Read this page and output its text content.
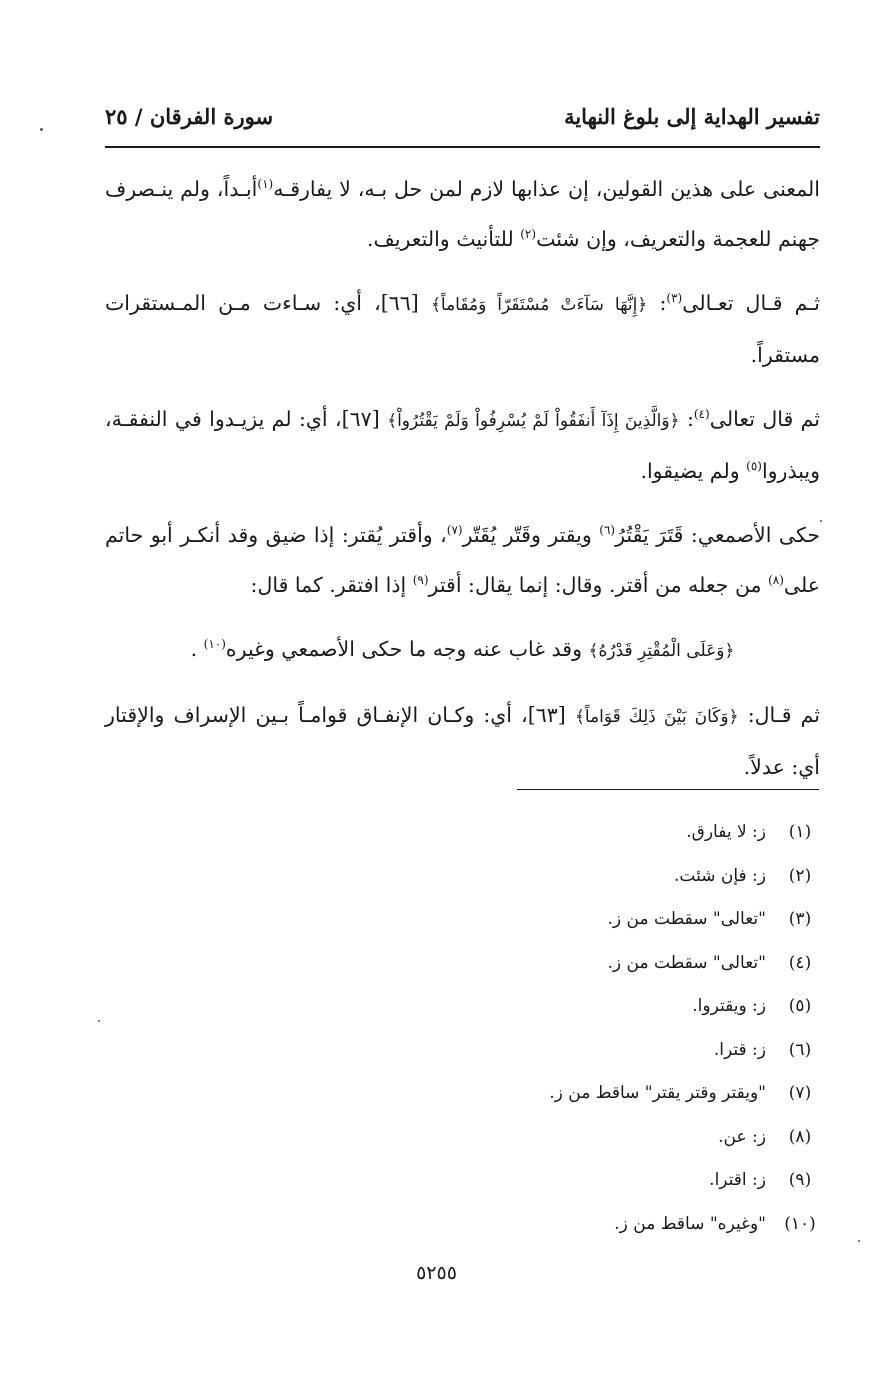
تفسير الهداية إلى بلوغ النهاية
سورة الفرقان / ٢٥

المعنى على هذين القولين، إن عذابها لازم لمن حل بـه، لا يفارقـه$^{(١)}$أبـداً، ولم ينـصرف جهنم للعجمة والتعريف، وإن شئت$^{(٢)}$ للتأنيث والتعريف.

ثـم قـال تعـالى$^{(٣)}$: ﴿إِنَّهَا سَآءَتْ مُسْتَقَرّاً وَمُقَاماً﴾ [٦٦]، أي: سـاءت مـن المـستقرات مستقراً.

ثم قال تعالى$^{(٤)}$: ﴿وَالَّذِينَ إِذَآ أَنفَقُواْ لَمْ يُسْرِفُواْ وَلَمْ يَقْتُرُواْ﴾ [٦٧]، أي: لم يزيـدوا في النفقـة، ويبذروا$^{(٥)}$ ولم يضيقوا.

حكى الأصمعي: قَتَرَ يَقْتُرُ$^{(٦)}$ ويقتر وقَتّر يُقَتّر$^{(٧)}$، وأقتر يُقتر: إذا ضيق وقد أنكـر أبو حاتم على$^{(٨)}$ من جعله من أقتر. وقال: إنما يقال: أقتر$^{(٩)}$ إذا افتقر. كما قال:

﴿وَعَلَى الْمُقْتِرِ قَدْرُهُ﴾ وقد غاب عنه وجه ما حكى الأصمعي وغيره$^{(١٠)}$ .

ثم قـال: ﴿وَكَانَ بَيْنَ ذَلِكَ قَوَاماً﴾ [٦٣]، أي: وكـان الإنفـاق قوامـاً بـين الإسراف والإقتار أي: عدلاً.

(١)ز: لا يفارق.
(٢)ز: فإن شئت.
(٣)"تعالى" سقطت من ز.
(٤)"تعالى" سقطت من ز.
(٥)ز: ويقتروا.
(٦)ز: قترا.
(٧)"ويقتر وقتر يقتر" ساقط من ز.
(٨)ز: عن.
(٩)ز: اقترا.
(١٠)"وغيره" ساقط من ز.
٥٢٥٥
